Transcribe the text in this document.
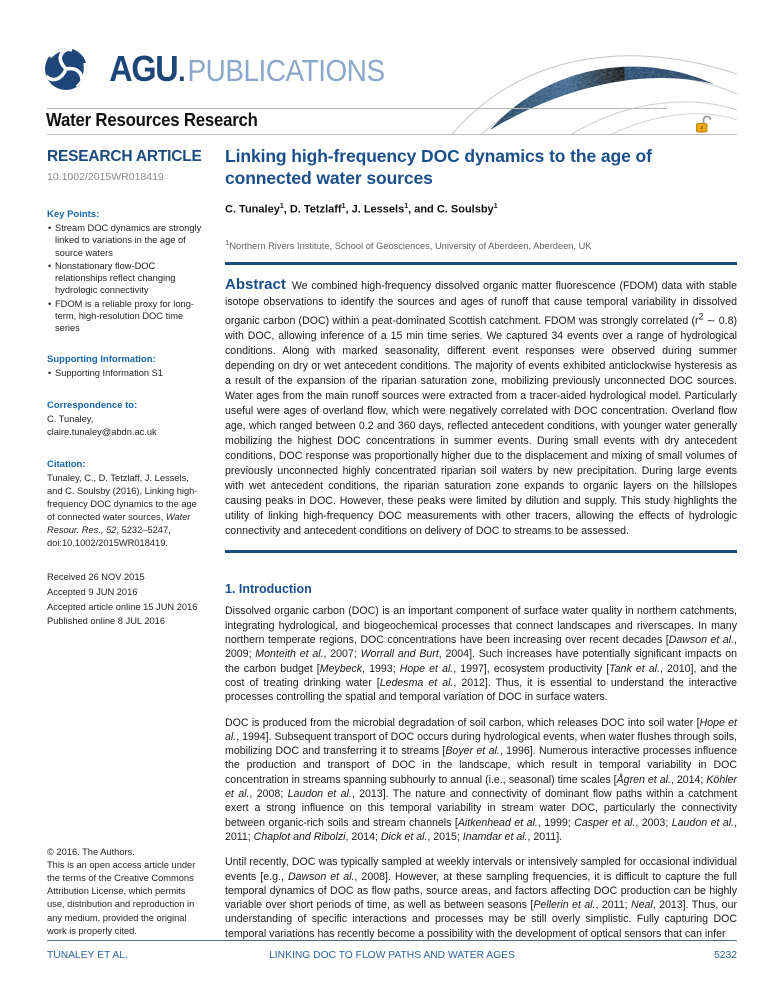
AGU . PUBLICATIONS
Water Resources Research
RESEARCH ARTICLE
10.1002/2015WR018419
Key Points:
• Stream DOC dynamics are strongly linked to variations in the age of source waters
• Nonstationary flow-DOC relationships reflect changing hydrologic connectivity
• FDOM is a reliable proxy for long-term, high-resolution DOC time series
Supporting Information:
• Supporting Information S1
Correspondence to:

C. Tunaley,

claire.tunaley@abdn.ac.uk

Citation:

Tunaley, C., D. Tetzlaff, J. Lessels, and C. Soulsby (2016), Linking high-frequency DOC dynamics to the age of connected water sources, Water Resour. Res., 52, 5232–5247, doi:10.1002/2015WR018419.

Received 26 NOV 2015
Accepted 9 JUN 2016
Accepted article online 15 JUN 2016
Published online 8 JUL 2016

© 2016. The Authors.

This is an open access article under the terms of the Creative Commons Attribution License, which permits use, distribution and reproduction in any medium, provided the original work is properly cited.

Linking high-frequency DOC dynamics to the age of connected water sources
C. Tunaley$^1$, D. Tetzlaff$^1$, J. Lessels$^1$, and C. Soulsby$^1$
$^1$Northern Rivers Institute, School of Geosciences, University of Aberdeen, Aberdeen, UK

Abstract We combined high-frequency dissolved organic matter fluorescence (FDOM) data with stable isotope observations to identify the sources and ages of runoff that cause temporal variability in dissolved organic carbon (DOC) within a peat-dominated Scottish catchment. FDOM was strongly correlated ($r^2$ ∼ 0.8) with DOC, allowing inference of a 15 min time series. We captured 34 events over a range of hydrological conditions. Along with marked seasonality, different event responses were observed during summer depending on dry or wet antecedent conditions. The majority of events exhibited anticlockwise hysteresis as a result of the expansion of the riparian saturation zone, mobilizing previously unconnected DOC sources. Water ages from the main runoff sources were extracted from a tracer-aided hydrological model. Particularly useful were ages of overland flow, which were negatively correlated with DOC concentration. Overland flow age, which ranged between 0.2 and 360 days, reflected antecedent conditions, with younger water generally mobilizing the highest DOC concentrations in summer events. During small events with dry antecedent conditions, DOC response was proportionally higher due to the displacement and mixing of small volumes of previously unconnected highly concentrated riparian soil waters by new precipitation. During large events with wet antecedent conditions, the riparian saturation zone expands to organic layers on the hillslopes causing peaks in DOC. However, these peaks were limited by dilution and supply. This study highlights the utility of linking high-frequency DOC measurements with other tracers, allowing the effects of hydrologic connectivity and antecedent conditions on delivery of DOC to streams to be assessed.

1. Introduction

Dissolved organic carbon (DOC) is an important component of surface water quality in northern catchments, integrating hydrological, and biogeochemical processes that connect landscapes and riverscapes. In many northern temperate regions, DOC concentrations have been increasing over recent decades [Dawson et al., 2009; Monteith et al., 2007; Worrall and Burt, 2004]. Such increases have potentially significant impacts on the carbon budget [Meybeck, 1993; Hope et al., 1997], ecosystem productivity [Tank et al., 2010], and the cost of treating drinking water [Ledesma et al., 2012]. Thus, it is essential to understand the interactive processes controlling the spatial and temporal variation of DOC in surface waters.

DOC is produced from the microbial degradation of soil carbon, which releases DOC into soil water [Hope et al., 1994]. Subsequent transport of DOC occurs during hydrological events, when water flushes through soils, mobilizing DOC and transferring it to streams [Boyer et al., 1996]. Numerous interactive processes influence the production and transport of DOC in the landscape, which result in temporal variability in DOC concentration in streams spanning subhourly to annual (i.e., seasonal) time scales [Ågren et al., 2014; Köhler et al., 2008; Laudon et al., 2013]. The nature and connectivity of dominant flow paths within a catchment exert a strong influence on this temporal variability in stream water DOC, particularly the connectivity between organic-rich soils and stream channels [Aitkenhead et al., 1999; Casper et al., 2003; Laudon et al., 2011; Chaplot and Ribolzi, 2014; Dick et al., 2015; Inamdar et al., 2011].

Until recently, DOC was typically sampled at weekly intervals or intensively sampled for occasional individual events [e.g., Dawson et al., 2008]. However, at these sampling frequencies, it is difficult to capture the full temporal dynamics of DOC as flow paths, source areas, and factors affecting DOC production can be highly variable over short periods of time, as well as between seasons [Pellerin et al., 2011; Neal, 2013]. Thus, our understanding of specific interactions and processes may be still overly simplistic. Fully capturing DOC temporal variations has recently become a possibility with the development of optical sensors that can infer

TUNALEY ET AL.	LINKING DOC TO FLOW PATHS AND WATER AGES	5232
